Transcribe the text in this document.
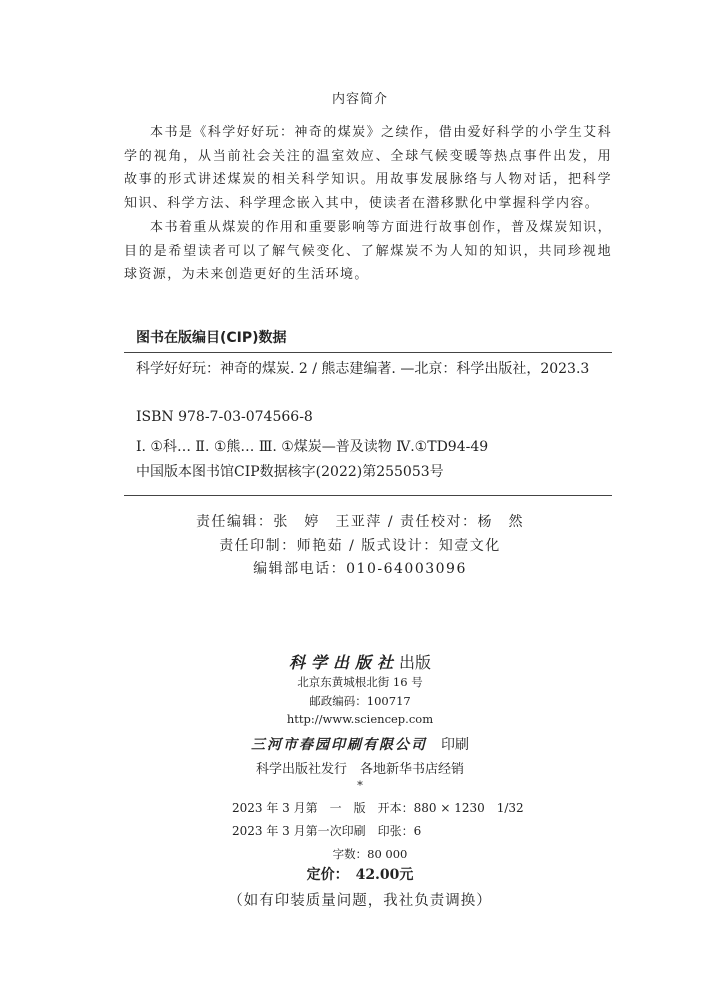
内容简介

本书是《科学好好玩：神奇的煤炭》之续作，借由爱好科学的小学生艾科学的视角，从当前社会关注的温室效应、全球气候变暖等热点事件出发，用故事的形式讲述煤炭的相关科学知识。用故事发展脉络与人物对话，把科学知识、科学方法、科学理念嵌入其中，使读者在潜移默化中掌握科学内容。

本书着重从煤炭的作用和重要影响等方面进行故事创作，普及煤炭知识，目的是希望读者可以了解气候变化、了解煤炭不为人知的知识，共同珍视地球资源，为未来创造更好的生活环境。

图书在版编目(CIP)数据
科学好好玩：神奇的煤炭. 2 / 熊志建编著. —北京：科学出版社，2023.3
ISBN 978-7-03-074566-8
Ⅰ. ①科… Ⅱ. ①熊… Ⅲ. ①煤炭—普及读物 Ⅳ.①TD94-49
中国版本图书馆CIP数据核字(2022)第255053号
责任编辑：张　婷　王亚萍 / 责任校对：杨　然
责任印制：师艳茹 / 版式设计：知壹文化
编辑部电话：010-64003096
科学出版社出版
北京东黄城根北街 16 号
邮政编码：100717
http://www.sciencep.com
三河市春园印刷有限公司　 印刷
科学出版社发行　各地新华书店经销
*
2023 年 3 月第　一　版　开本：880 × 1230　1/32
2023 年 3 月第一次印刷　印张：6
字数：80 000
定价：　42.00元
（如有印装质量问题，我社负责调换）
